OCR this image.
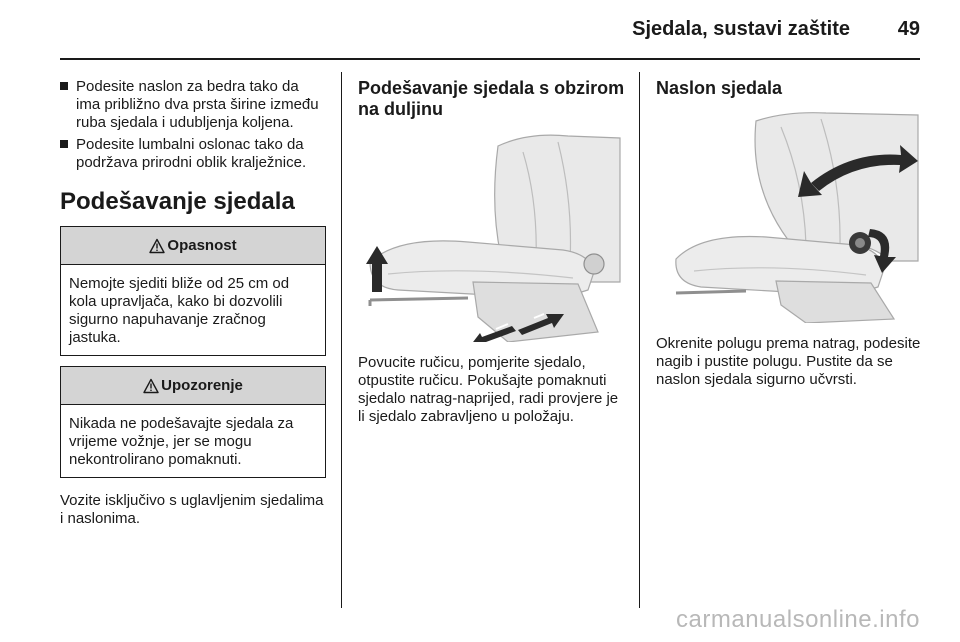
Sjedala, sustavi zaštite 49
Podesite naslon za bedra tako da ima približno dva prsta širine između ruba sjedala i udubljenja koljena.
Podesite lumbalni oslonac tako da podržava prirodni oblik kralježnice.
Podešavanje sjedala
Opasnost
Nemojte sjediti bliže od 25 cm od kola upravljača, kako bi dozvolili sigurno napuhavanje zračnog jastuka.
Upozorenje
Nikada ne podešavajte sjedala za vrijeme vožnje, jer se mogu nekontrolirano pomaknuti.

Vozite isključivo s uglavljenim sjedalima i naslonima.

Podešavanje sjedala s obzirom na duljinu

Povucite ručicu, pomjerite sjedalo, otpustite ručicu. Pokušajte pomaknuti sjedalo natrag-naprijed, radi provjere je li sjedalo zabravljeno u položaju.

Naslon sjedala

Okrenite polugu prema natrag, podesite nagib i pustite polugu. Pustite da se naslon sjedala sigurno učvrsti.

carmanualsonline.info
